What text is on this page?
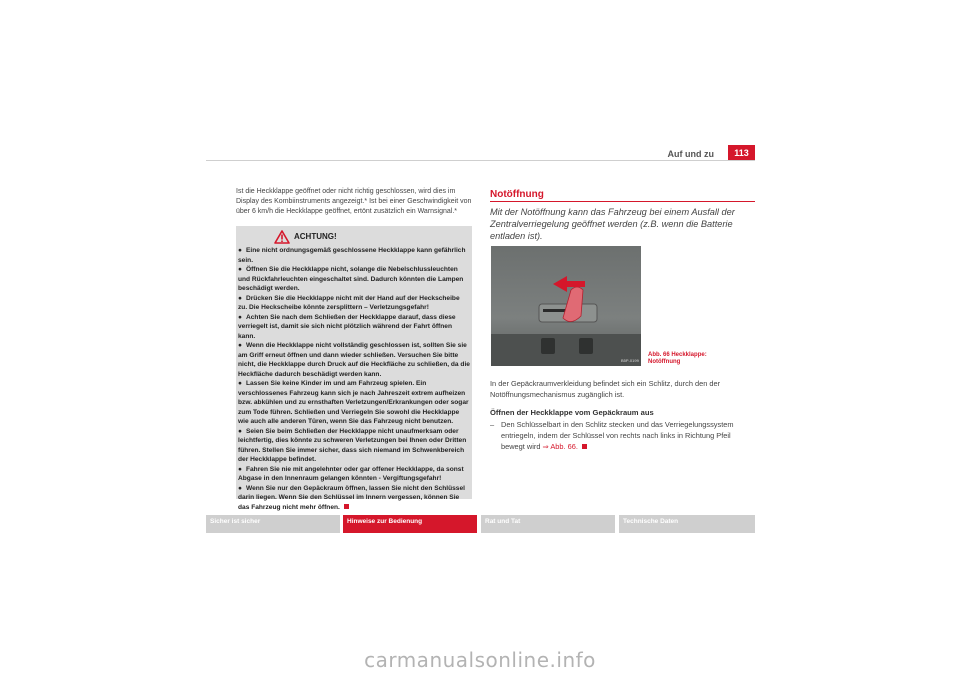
Auf und zu	113
Ist die Heckklappe geöffnet oder nicht richtig geschlossen, wird dies im Display des Kombiinstruments angezeigt.* Ist bei einer Geschwindigkeit von über 6 km/h die Heckklappe geöffnet, ertönt zusätzlich ein Warnsignal.*
ACHTUNG!
● Eine nicht ordnungsgemäß geschlossene Heckklappe kann gefährlich sein.
● Öffnen Sie die Heckklappe nicht, solange die Nebelschlussleuchten und Rückfahrleuchten eingeschaltet sind. Dadurch könnten die Lampen beschädigt werden.
● Drücken Sie die Heckklappe nicht mit der Hand auf der Heckscheibe zu. Die Heckscheibe könnte zersplittern – Verletzungsgefahr!
● Achten Sie nach dem Schließen der Heckklappe darauf, dass diese verriegelt ist, damit sie sich nicht plötzlich während der Fahrt öffnen kann.
● Wenn die Heckklappe nicht vollständig geschlossen ist, sollten Sie sie am Griff erneut öffnen und dann wieder schließen. Versuchen Sie bitte nicht, die Heckklappe durch Druck auf die Heckfläche zu schließen, da die Heckfläche dadurch beschädigt werden kann.
● Lassen Sie keine Kinder im und am Fahrzeug spielen. Ein verschlossenes Fahrzeug kann sich je nach Jahreszeit extrem aufheizen bzw. abkühlen und zu ernsthaften Verletzungen/Erkrankungen oder sogar zum Tode führen. Schließen und Verriegeln Sie sowohl die Heckklappe wie auch alle anderen Türen, wenn Sie das Fahrzeug nicht benutzen.
● Seien Sie beim Schließen der Heckklappe nicht unaufmerksam oder leichtfertig, dies könnte zu schweren Verletzungen bei Ihnen oder Dritten führen. Stellen Sie immer sicher, dass sich niemand im Schwenkbereich der Heckklappe befindet.
● Fahren Sie nie mit angelehnter oder gar offener Heckklappe, da sonst Abgase in den Innenraum gelangen könnten - Vergiftungsgefahr!
● Wenn Sie nur den Gepäckraum öffnen, lassen Sie nicht den Schlüssel darin liegen. Wenn Sie den Schlüssel im Innern vergessen, können Sie das Fahrzeug nicht mehr öffnen.
Notöffnung
Mit der Notöffnung kann das Fahrzeug bei einem Ausfall der Zentralverriegelung geöffnet werden (z.B. wenn die Batterie entladen ist).
B5P-0199
Abb. 66 Heckklappe:
Notöffnung
In der Gepäckraumverkleidung befindet sich ein Schlitz, durch den der Notöffnungsmechanismus zugänglich ist.
Öffnen der Heckklappe vom Gepäckraum aus
– Den Schlüsselbart in den Schlitz stecken und das Verriegelungssystem entriegeln, indem der Schlüssel von rechts nach links in Richtung Pfeil bewegt wird ⇒ Abb. 66.
Sicher ist sicher	Hinweise zur Bedienung	Rat und Tat	Technische Daten
carmanualsonline.info
